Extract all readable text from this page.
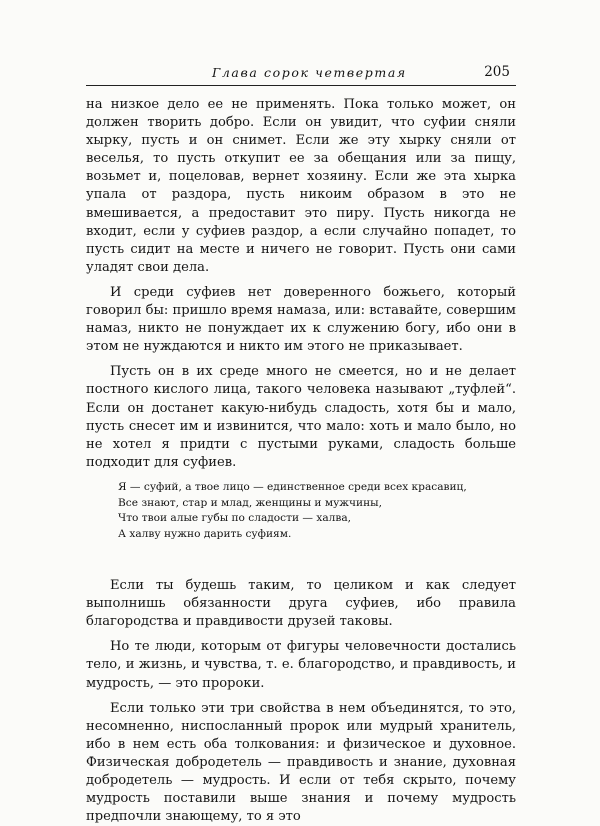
Глава сорок четвертая	205

на низкое дело ее не применять. Пока только может, он должен творить добро. Если он увидит, что суфии сняли хырку, пусть и он снимет. Если же эту хырку сняли от веселья, то пусть откупит ее за обещания или за пищу, возьмет и, поцеловав, вернет хозяину. Если же эта хырка упала от раздора, пусть никоим образом в это не вмешивается, а предоставит это пиру. Пусть никогда не входит, если у суфиев раздор, а если случайно попадет, то пусть сидит на месте и ничего не говорит. Пусть они сами уладят свои дела.

И среди суфиев нет доверенного божьего, который говорил бы: пришло время намаза, или: вставайте, совершим намаз, никто не понуждает их к служению богу, ибо они в этом не нуждаются и никто им этого не приказывает.

Пусть он в их среде много не смеется, но и не делает постного кислого лица, такого человека называют „туфлей“. Если он достанет какую-нибудь сладость, хотя бы и мало, пусть снесет им и извинится, что мало: хоть и мало было, но не хотел я придти с пустыми руками, сладость больше подходит для суфиев.

Я — суфий, а твое лицо — единственное среди всех красавиц,
Все знают, стар и млад, женщины и мужчины,
Что твои алые губы по сладости — халва,
А халву нужно дарить суфиям.

Если ты будешь таким, то целиком и как следует выполнишь обязанности друга суфиев, ибо правила благородства и правдивости друзей таковы.

Но те люди, которым от фигуры человечности достались тело, и жизнь, и чувства, т. е. благородство, и правдивость, и мудрость, — это пророки.

Если только эти три свойства в нем объединятся, то это, несомненно, ниспосланный пророк или мудрый хранитель, ибо в нем есть оба толкования: и физическое и духовное. Физическая добродетель — правдивость и знание, духовная добродетель — мудрость. И если от тебя скрыто, почему мудрость поставили выше знания и почему мудрость предпочли знающему, то я это
